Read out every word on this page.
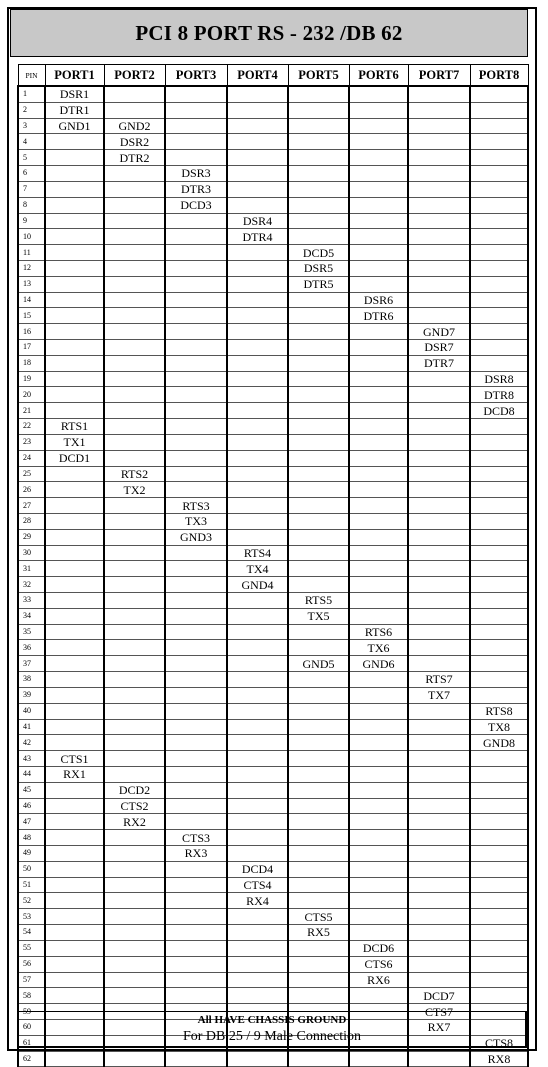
PCI 8 PORT RS - 232 /DB 62
PIN	PORT1	PORT2	PORT3	PORT4	PORT5	PORT6	PORT7	PORT8
1	DSR1							
2	DTR1							
3	GND1	GND2						
4		DSR2						
5		DTR2						
6			DSR3					
7			DTR3					
8			DCD3					
9				DSR4				
10				DTR4				
11					DCD5			
12					DSR5			
13					DTR5			
14						DSR6		
15						DTR6		
16							GND7	
17							DSR7	
18							DTR7	
19								DSR8
20								DTR8
21								DCD8
22	RTS1							
23	TX1							
24	DCD1							
25		RTS2						
26		TX2						
27			RTS3					
28			TX3					
29			GND3					
30				RTS4				
31				TX4				
32				GND4				
33					RTS5			
34					TX5			
35						RTS6		
36						TX6		
37					GND5	GND6		
38							RTS7	
39							TX7	
40								RTS8
41								TX8
42								GND8
43	CTS1							
44	RX1							
45		DCD2						
46		CTS2						
47		RX2						
48			CTS3					
49			RX3					
50				DCD4				
51				CTS4				
52				RX4				
53					CTS5			
54					RX5			
55						DCD6		
56						CTS6		
57						RX6		
58							DCD7	
59							CTS7	
60							RX7	
61								CTS8
62								RX8
All HAVE CHASSIS GROUND
For DB 25 / 9 Male Connection
